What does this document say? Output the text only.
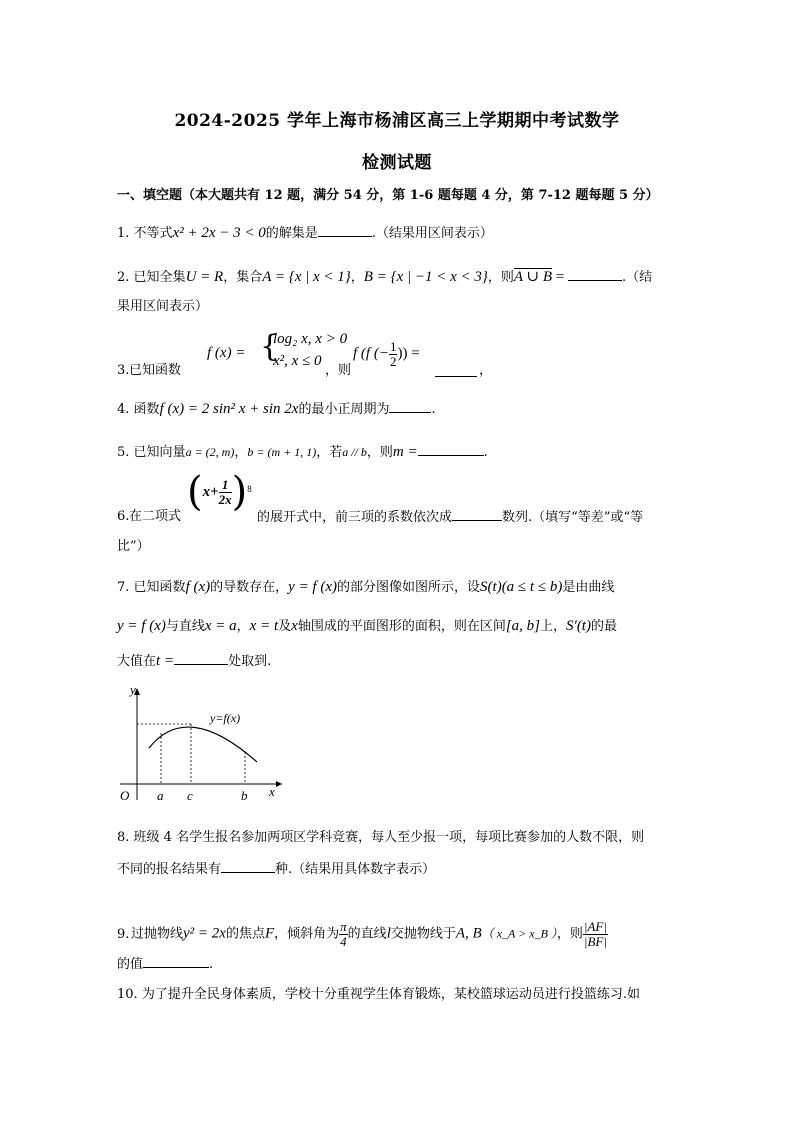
2024-2025 学年上海市杨浦区高三上学期期中考试数学
检测试题
一、填空题（本大题共有 12 题，满分 54 分，第 1-6 题每题 4 分，第 7-12 题每题 5 分）
1. 不等式x² + 2x − 3 < 0的解集是	.（结果用区间表示）
2. 已知全集U = R，集合A = {x | x < 1}，B = {x | −1 < x < 3}，则A ∪ B =	.（结
果用区间表示）
3. 已知函数
f (x) = {
log₂ x, x > 0
x², x ≤ 0
，则
f (f (− $\frac{1}{2}$ )) =
，
4. 函数f (x) = 2 sin² x + sin 2x的最小正周期为	.
5. 已知向量a = (2, m)，b = (m + 1, 1)，若a // b，则m =	.
6. 在二项式
$(x+ \frac{1}{2x} )^8$
的展开式中，前三项的系数依次成	数列.（填写“等差”或“等
比”）
7. 已知函数f (x)的导数存在，y = f (x)的部分图像如图所示，设S(t)(a ≤ t ≤ b)是由曲线
y = f (x)与直线x = a，x = t及x轴围成的平面图形的面积，则在区间[a, b]上，S′(t)的最
大值在t =	处取到.
y
x
O a c	b
y=f(x)
8. 班级 4 名学生报名参加两项区学科竞赛，每人至少报一项，每项比赛参加的人数不限，则
不同的报名结果有	种.（结果用具体数字表示）
9. 过抛物线y² = 2x的焦点F，倾斜角为 $\frac{\pi}{4}$ 的直线l交抛物线于A, B（ x_A > x_B ），则 $\frac{|AF|}{|BF|}$
的值	.
10. 为了提升全民身体素质，学校十分重视学生体育锻炼，某校篮球运动员进行投篮练习.如
